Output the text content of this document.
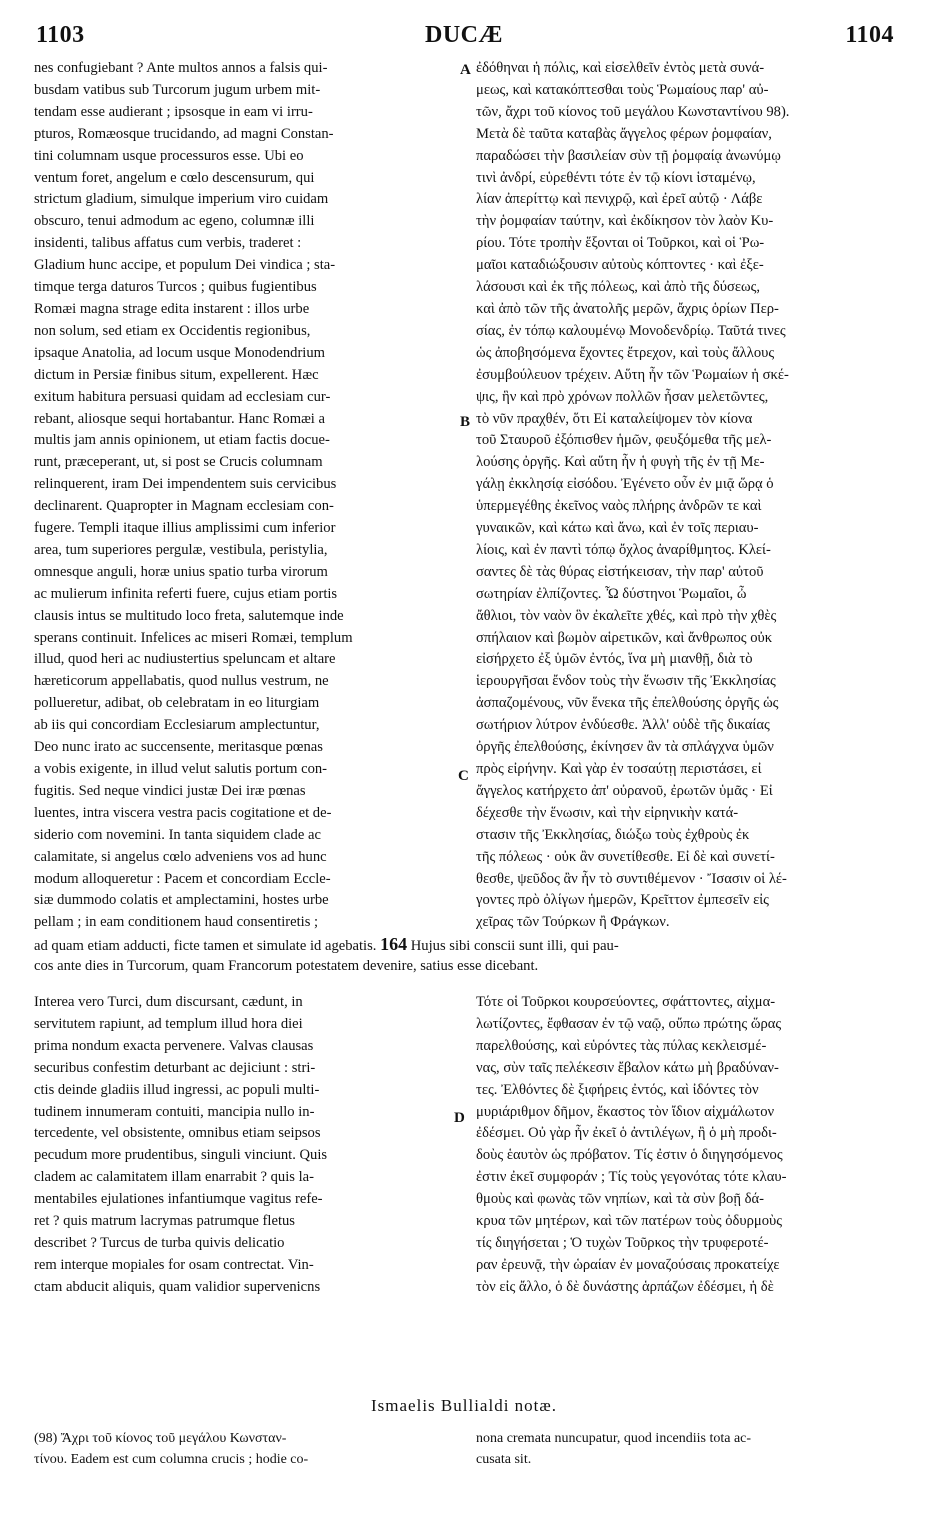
1103	DUCÆ	1104
A
B
C
D
nes confugiebant ? Ante multos annos a falsis qui-
busdam vatibus sub Turcorum jugum urbem mit-
tendam esse audierant ; ipsosque in eam vi irru-
pturos, Romæosque trucidando, ad magni Constan-
tini columnam usque processuros esse. Ubi eo
ventum foret, angelum e cœlo descensurum, qui
strictum gladium, simulque imperium viro cuidam
obscuro, tenui admodum ac egeno, columnæ illi
insidenti, talibus affatus cum verbis, traderet :
Gladium hunc accipe, et populum Dei vindica ; sta-
timque terga daturos Turcos ; quibus fugientibus
Romæi magna strage edita instarent : illos urbe
non solum, sed etiam ex Occidentis regionibus,
ipsaque Anatolia, ad locum usque Monodendrium
dictum in Persiæ finibus situm, expellerent. Hæc
exitum habitura persuasi quidam ad ecclesiam cur-
rebant, aliosque sequi hortabantur. Hanc Romæi a
multis jam annis opinionem, ut etiam factis docue-
runt, præceperant, ut, si post se Crucis columnam
relinquerent, iram Dei impendentem suis cervicibus
declinarent. Quapropter in Magnam ecclesiam con-
fugere. Templi itaque illius amplissimi cum inferior
area, tum superiores pergulæ, vestibula, peristylia,
omnesque anguli, horæ unius spatio turba virorum
ac mulierum infinita referti fuere, cujus etiam portis
clausis intus se multitudo loco freta, salutemque inde
sperans continuit. Infelices ac miseri Romæi, templum
illud, quod heri ac nudiustertius speluncam et altare
hæreticorum appellabatis, quod nullus vestrum, ne
pollueretur, adibat, ob celebratam in eo liturgiam
ab iis qui concordiam Ecclesiarum amplectuntur,
Deo nunc irato ac succensente, meritasque pœnas
a vobis exigente, in illud velut salutis portum con-
fugitis. Sed neque vindici justæ Dei iræ pœnas
luentes, intra viscera vestra pacis cogitatione et de-
siderio com novemini. In tanta siquidem clade ac
calamitate, si angelus cœlo adveniens vos ad hunc
modum alloqueretur : Pacem et concordiam Eccle-
siæ dummodo colatis et amplectamini, hostes urbe
pellam ; in eam conditionem haud consentiretis ;
ἐδόθηναι ἡ πόλις, καὶ εἰσελθεῖν ἐντὸς μετὰ συνά-
μεως, καὶ κατακόπτεσθαι τοὺς Ῥωμαίους παρ' αὐ-
τῶν, ἄχρι τοῦ κίονος τοῦ μεγάλου Κωνσταντίνου 98).
Μετὰ δὲ ταῦτα καταβὰς ἄγγελος φέρων ῥομφαίαν,
παραδώσει τὴν βασιλείαν σὺν τῇ ῥομφαίᾳ ἀνωνύμῳ
τινὶ ἀνδρί, εὑρεθέντι τότε ἐν τῷ κίονι ἱσταμένῳ,
λίαν ἀπερίττῳ καὶ πενιχρῷ, καὶ ἐρεῖ αὐτῷ · Λάβε
τὴν ῥομφαίαν ταύτην, καὶ ἐκδίκησον τὸν λαὸν Κυ-
ρίου. Τότε τροπὴν ἕξονται οἱ Τοῦρκοι, καὶ οἱ Ῥω-
μαῖοι καταδιώξουσιν αὐτοὺς κόπτοντες · καὶ ἐξε-
λάσουσι καὶ ἐκ τῆς πόλεως, καὶ ἀπὸ τῆς δύσεως,
καὶ ἀπὸ τῶν τῆς ἀνατολῆς μερῶν, ἄχρις ὁρίων Περ-
σίας, ἐν τόπῳ καλουμένῳ Μονοδενδρίῳ. Ταῦτά τινες
ὡς ἀποβησόμενα ἔχοντες ἔτρεχον, καὶ τοὺς ἄλλους
ἐσυμβούλευον τρέχειν. Αὕτη ἦν τῶν Ῥωμαίων ἡ σκέ-
ψις, ἣν καὶ πρὸ χρόνων πολλῶν ἦσαν μελετῶντες,
τὸ νῦν πραχθέν, ὅτι Εἰ καταλείψομεν τὸν κίονα
τοῦ Σταυροῦ ἐξόπισθεν ἡμῶν, φευξόμεθα τῆς μελ-
λούσης ὀργῆς. Καὶ αὕτη ἦν ἡ φυγὴ τῆς ἐν τῇ Με-
γάλῃ ἐκκλησίᾳ εἰσόδου. Ἐγένετο οὖν ἐν μιᾷ ὥρᾳ ὁ
ὑπερμεγέθης ἐκεῖνος ναὸς πλήρης ἀνδρῶν τε καὶ
γυναικῶν, καὶ κάτω καὶ ἄνω, καὶ ἐν τοῖς περιαυ-
λίοις, καὶ ἐν παντὶ τόπῳ ὄχλος ἀναρίθμητος. Κλεί-
σαντες δὲ τὰς θύρας εἱστήκεισαν, τὴν παρ' αὐτοῦ
σωτηρίαν ἐλπίζοντες. Ὦ δύστηνοι Ῥωμαῖοι, ὦ
ἄθλιοι, τὸν ναὸν ὃν ἐκαλεῖτε χθές, καὶ πρὸ τὴν χθὲς
σπήλαιον καὶ βωμὸν αἱρετικῶν, καὶ ἄνθρωπος οὐκ
εἰσήρχετο ἐξ ὑμῶν ἐντός, ἵνα μὴ μιανθῇ, διὰ τὸ
ἱερουργῆσαι ἔνδον τοὺς τὴν ἕνωσιν τῆς Ἐκκλησίας
ἀσπαζομένους, νῦν ἕνεκα τῆς ἐπελθούσης ὀργῆς ὡς
σωτήριον λύτρον ἐνδύεσθε. Ἀλλ' οὐδὲ τῆς δικαίας
ὀργῆς ἐπελθούσης, ἐκίνησεν ἂν τὰ σπλάγχνα ὑμῶν
πρὸς εἰρήνην. Καὶ γὰρ ἐν τοσαύτῃ περιστάσει, εἰ
ἄγγελος κατήρχετο ἀπ' οὐρανοῦ, ἐρωτῶν ὑμᾶς · Εἰ
δέχεσθε τὴν ἕνωσιν, καὶ τὴν εἰρηνικὴν κατά-
στασιν τῆς Ἐκκλησίας, διώξω τοὺς ἐχθροὺς ἐκ
τῆς πόλεως · οὐκ ἂν συνετίθεσθε. Εἰ δὲ καὶ συνετί-
θεσθε, ψεῦδος ἂν ἦν τὸ συντιθέμενον · Ἴσασιν οἱ λέ-
γοντες πρὸ ὀλίγων ἡμερῶν, Κρεῖττον ἐμπεσεῖν εἰς
χεῖρας τῶν Τούρκων ἢ Φράγκων.
ad quam etiam adducti, ficte tamen et simulate id agebatis. 164 Hujus sibi conscii sunt illi, qui pau-
cos ante dies in Turcorum, quam Francorum potestatem devenire, satius esse dicebant.
Interea vero Turci, dum discursant, cædunt, in
servitutem rapiunt, ad templum illud hora diei
prima nondum exacta pervenere. Valvas clausas
securibus confestim deturbant ac dejiciunt : stri-
ctis deinde gladiis illud ingressi, ac populi multi-
tudinem innumeram contuiti, mancipia nullo in-
tercedente, vel obsistente, omnibus etiam seipsos
pecudum more prudentibus, singuli vinciunt. Quis
cladem ac calamitatem illam enarrabit ? quis la-
mentabiles ejulationes infantiumque vagitus refe-
ret ? quis matrum lacrymas patrumque fletus
describet ? Turcus de turba quivis delicatio
rem interque mopiales for osam contrectat. Vin-
ctam abducit aliquis, quam validior supervenicns
Τότε οἱ Τοῦρκοι κουρσεύοντες, σφάττοντες, αἰχμα-
λωτίζοντες, ἔφθασαν ἐν τῷ ναῷ, οὔπω πρώτης ὥρας
παρελθούσης, καὶ εὑρόντες τὰς πύλας κεκλεισμέ-
νας, σὺν ταῖς πελέκεσιν ἔβαλον κάτω μὴ βραδύναν-
τες. Ἐλθόντες δὲ ξιφήρεις ἐντός, καὶ ἰδόντες τὸν
μυριάριθμον δῆμον, ἕκαστος τὸν ἴδιον αἰχμάλωτον
ἐδέσμει. Οὐ γὰρ ἦν ἐκεῖ ὁ ἀντιλέγων, ἢ ὁ μὴ προδι-
δοὺς ἑαυτὸν ὡς πρόβατον. Τίς ἐστιν ὁ διηγησόμενος
ἐστιν ἐκεῖ συμφοράν ; Τίς τοὺς γεγονότας τότε κλαυ-
θμοὺς καὶ φωνὰς τῶν νηπίων, καὶ τὰ σὺν βοῇ δά-
κρυα τῶν μητέρων, καὶ τῶν πατέρων τοὺς ὀδυρμοὺς
τίς διηγήσεται ; Ὁ τυχὼν Τοῦρκος τὴν τρυφεροτέ-
ραν ἐρευνᾷ, τὴν ὡραίαν ἐν μοναζούσαις προκατείχε
τὸν εἰς ἄλλο, ὁ δὲ δυνάστης ἁρπάζων ἐδέσμει, ἡ δὲ
Ismaelis Bullialdi notæ.
(98) Ἄχρι τοῦ κίονος τοῦ μεγάλου Κωνσταν-
τίνου. Eadem est cum columna crucis ; hodie co-
nona cremata nuncupatur, quod incendiis tota ac-
cusata sit.
